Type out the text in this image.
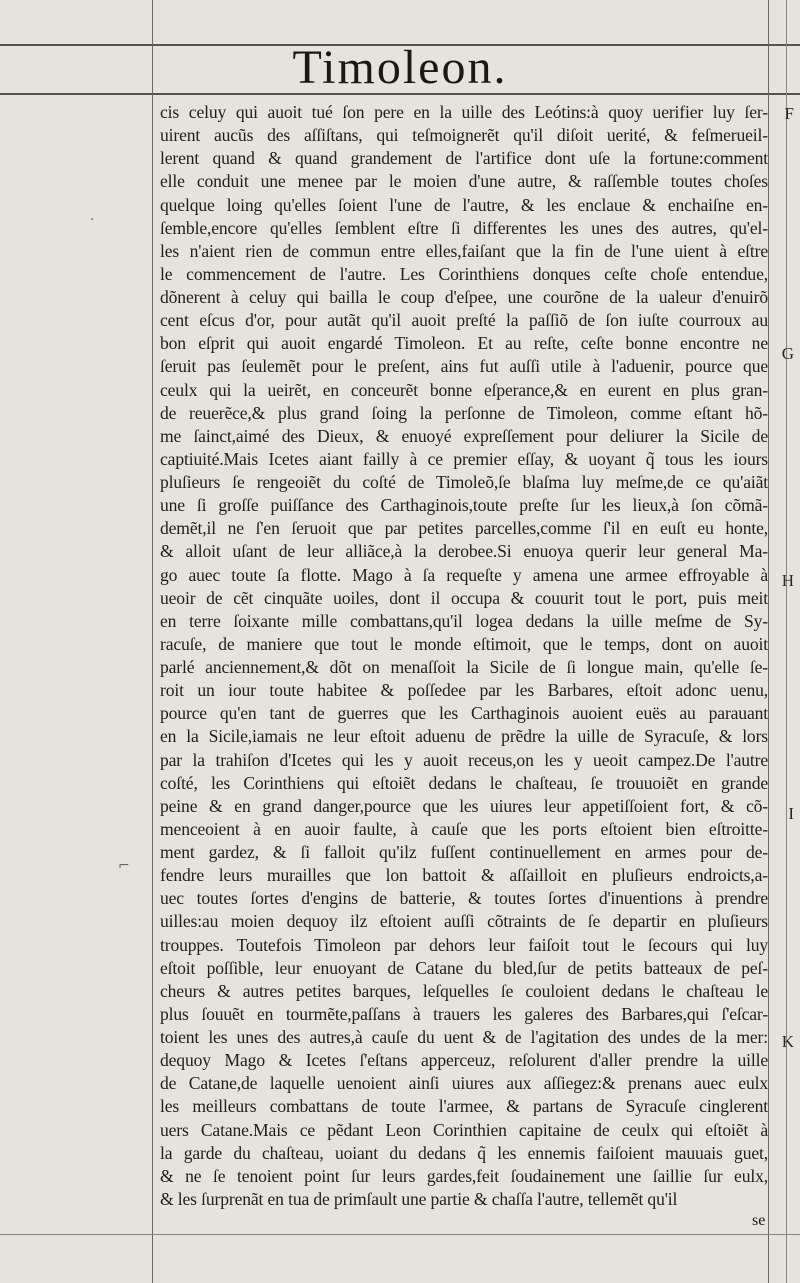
Timoleon.
cis celuy qui auoit tué ſon pere en la uille des Leótins:à quoy uerifier luy ſer-
uirent aucũs des aſſiſtans, qui teſmoignerẽt qu'il diſoit uerité, & feſmerueil-
lerent quand & quand grandement de l'artifice dont uſe la fortune:comment
elle conduit une menee par le moien d'une autre, & raſſemble toutes choſes
quelque loing qu'elles ſoient l'une de l'autre, & les enclaue & enchaiſne en-
ſemble,encore qu'elles ſemblent eſtre ſi differentes les unes des autres, qu'el-
les n'aient rien de commun entre elles,faiſant que la fin de l'une uient à eſtre
le commencement de l'autre. Les Corinthiens donques ceſte choſe entendue,
dõnerent à celuy qui bailla le coup d'eſpee, une courõne de la ualeur d'enuirõ
cent eſcus d'or, pour autãt qu'il auoit preſté la paſſiõ de ſon iuſte courroux au
bon eſprit qui auoit engardé Timoleon. Et au reſte, ceſte bonne encontre ne
ſeruit pas ſeulemẽt pour le preſent, ains fut auſſi utile à l'aduenir, pource que
ceulx qui la ueirẽt, en conceurẽt bonne eſperance,& en eurent en plus gran-
de reuerẽce,& plus grand ſoing la perſonne de Timoleon, comme eſtant hõ-
me ſainct,aimé des Dieux, & enuoyé expreſſement pour deliurer la Sicile de
captiuité.Mais Icetes aiant failly à ce premier eſſay, & uoyant q̃ tous les iours
pluſieurs ſe rengeoiẽt du coſté de Timoleõ,ſe blaſma luy meſme,de ce qu'aiãt
une ſi groſſe puiſſance des Carthaginois,toute preſte ſur les lieux,à ſon cõmã-
demẽt,il ne ſ'en ſeruoit que par petites parcelles,comme ſ'il en euſt eu honte,
& alloit uſant de leur alliãce,à la derobee.Si enuoya querir leur general Ma-
go auec toute ſa flotte. Mago à ſa requeſte y amena une armee effroyable à
ueoir de cẽt cinquãte uoiles, dont il occupa & couurit tout le port, puis meit
en terre ſoixante mille combattans,qu'il logea dedans la uille meſme de Sy-
racuſe, de maniere que tout le monde eſtimoit, que le temps, dont on auoit
parlé anciennement,& dõt on menaſſoit la Sicile de ſi longue main, qu'elle ſe-
roit un iour toute habitee & poſſedee par les Barbares, eſtoit adonc uenu,
pource qu'en tant de guerres que les Carthaginois auoient euës au parauant
en la Sicile,iamais ne leur eſtoit aduenu de prẽdre la uille de Syracuſe, & lors
par la trahiſon d'Icetes qui les y auoit receus,on les y ueoit campez.De l'autre
coſté, les Corinthiens qui eſtoiẽt dedans le chaſteau, ſe trouuoiẽt en grande
peine & en grand danger,pource que les uiures leur appetiſſoient fort, & cõ-
menceoient à en auoir faulte, à cauſe que les ports eſtoient bien eſtroitte-
ment gardez, & ſi falloit qu'ilz fuſſent continuellement en armes pour de-
fendre leurs murailles que lon battoit & aſſailloit en pluſieurs endroicts,a-
uec toutes ſortes d'engins de batterie, & toutes ſortes d'inuentions à prendre
uilles:au moien dequoy ilz eſtoient auſſi cõtraints de ſe departir en pluſieurs
trouppes. Toutefois Timoleon par dehors leur faiſoit tout le ſecours qui luy
eſtoit poſſible, leur enuoyant de Catane du bled,ſur de petits batteaux de peſ-
cheurs & autres petites barques, leſquelles ſe couloient dedans le chaſteau le
plus ſouuẽt en tourmẽte,paſſans à trauers les galeres des Barbares,qui ſ'eſcar-
toient les unes des autres,à cauſe du uent & de l'agitation des undes de la mer:
dequoy Mago & Icetes ſ'eſtans apperceuz, reſolurent d'aller prendre la uille
de Catane,de laquelle uenoient ainſi uiures aux aſſiegez:& prenans auec eulx
les meilleurs combattans de toute l'armee, & partans de Syracuſe cinglerent
uers Catane.Mais ce pẽdant Leon Corinthien capitaine de ceulx qui eſtoiẽt à
la garde du chaſteau, uoiant du dedans q̃ les ennemis faiſoient mauuais guet,
& ne ſe tenoient point ſur leurs gardes,feit ſoudainement une ſaillie ſur eulx,
& les ſurprenãt en tua de primſault une partie & chaſſa l'autre, tellemẽt qu'il
F
G
H
I
K
⌐
·
se
